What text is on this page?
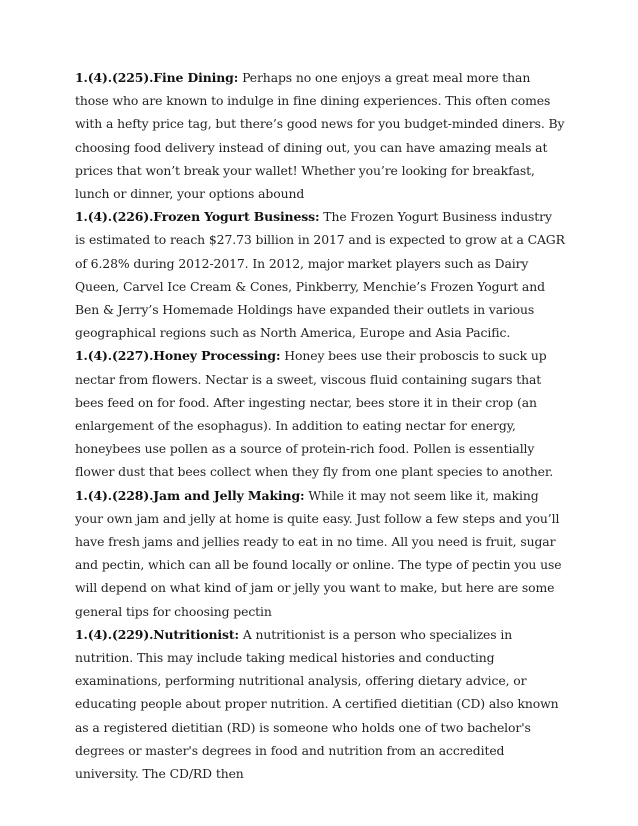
1.(4).(225).Fine Dining: Perhaps no one enjoys a great meal more than those who are known to indulge in fine dining experiences. This often comes with a hefty price tag, but there’s good news for you budget-minded diners. By choosing food delivery instead of dining out, you can have amazing meals at prices that won’t break your wallet! Whether you’re looking for breakfast, lunch or dinner, your options abound

1.(4).(226).Frozen Yogurt Business: The Frozen Yogurt Business industry is estimated to reach $27.73 billion in 2017 and is expected to grow at a CAGR of 6.28% during 2012-2017. In 2012, major market players such as Dairy Queen, Carvel Ice Cream & Cones, Pinkberry, Menchie’s Frozen Yogurt and Ben & Jerry’s Homemade Holdings have expanded their outlets in various geographical regions such as North America, Europe and Asia Pacific.

1.(4).(227).Honey Processing: Honey bees use their proboscis to suck up nectar from flowers. Nectar is a sweet, viscous fluid containing sugars that bees feed on for food. After ingesting nectar, bees store it in their crop (an enlargement of the esophagus). In addition to eating nectar for energy, honeybees use pollen as a source of protein-rich food. Pollen is essentially flower dust that bees collect when they fly from one plant species to another.

1.(4).(228).Jam and Jelly Making: While it may not seem like it, making your own jam and jelly at home is quite easy. Just follow a few steps and you’ll have fresh jams and jellies ready to eat in no time. All you need is fruit, sugar and pectin, which can all be found locally or online. The type of pectin you use will depend on what kind of jam or jelly you want to make, but here are some general tips for choosing pectin

1.(4).(229).Nutritionist: A nutritionist is a person who specializes in nutrition. This may include taking medical histories and conducting examinations, performing nutritional analysis, offering dietary advice, or educating people about proper nutrition. A certified dietitian (CD) also known as a registered dietitian (RD) is someone who holds one of two bachelor's degrees or master's degrees in food and nutrition from an accredited university. The CD/RD then
